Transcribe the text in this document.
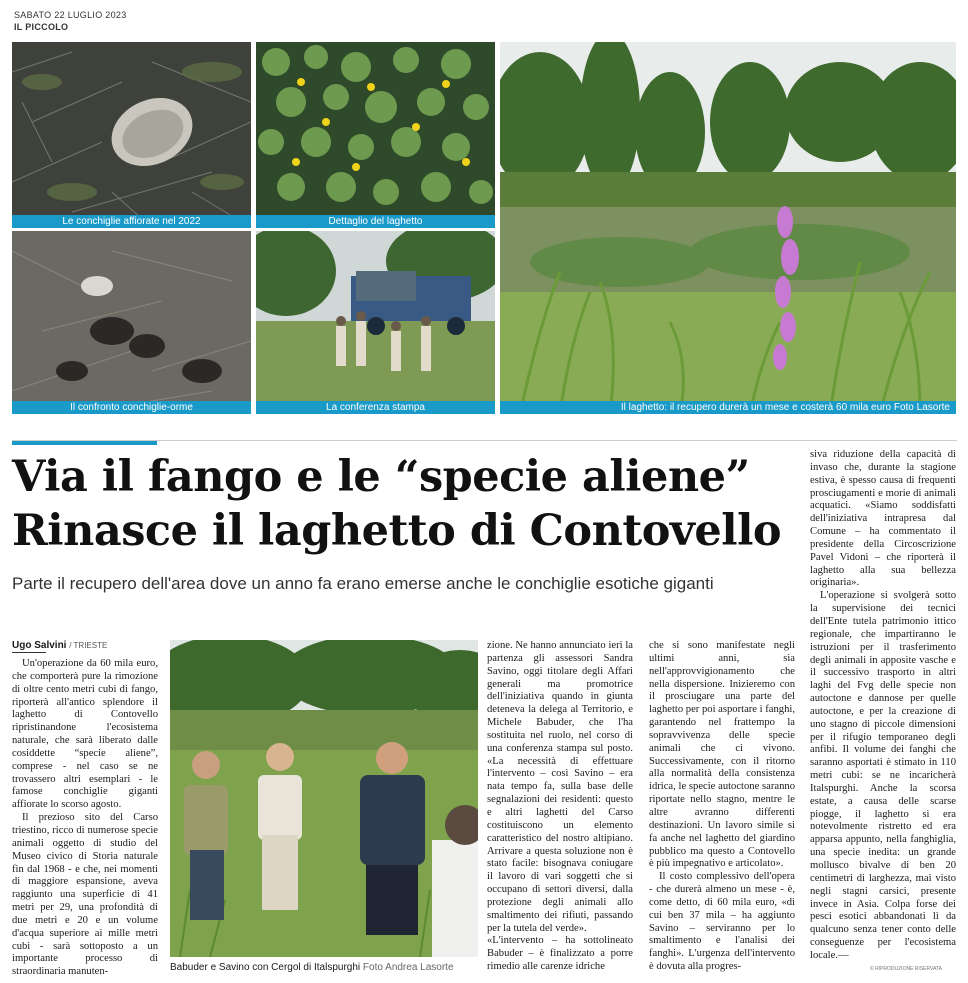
SABATO 22 LUGLIO 2023
IL PICCOLO
Le conchiglie affiorate nel 2022	Dettaglio del laghetto
Il laghetto: il recupero durerà un mese e costerà 60 mila euro Foto Lasorte
Il confronto conchiglie-orme	La conferenza stampa
Via il fango e le “specie aliene”
Rinasce il laghetto di Contovello
Parte il recupero dell'area dove un anno fa erano emerse anche le conchiglie esotiche giganti
Ugo Salvini / TRIESTE

Un'operazione da 60 mila euro, che comporterà pure la rimozione di oltre cento metri cubi di fango, riporterà all'antico splendore il laghetto di Contovello ripristinandone l'ecosistema naturale, che sarà liberato dalle cosiddette “specie aliene”, comprese - nel caso se ne trovassero altri esemplari - le famose conchiglie giganti affiorate lo scorso agosto.

Il prezioso sito del Carso triestino, ricco di numerose specie animali oggetto di studio del Museo civico di Storia naturale fin dal 1968 - e che, nei momenti di maggiore espansione, aveva raggiunto una superficie di 41 metri per 29, una profondità di due metri e 20 e un volume d'acqua superiore ai mille metri cubi - sarà sottoposto a un importante processo di straordinaria manuten-	Babuder e Savino con Cergol di Italspurghi Foto Andrea Lasorte

zione. Ne hanno annunciato ieri la partenza gli assessori Sandra Savino, oggi titolare degli Affari generali ma promotrice dell'iniziativa quando in giunta deteneva la delega al Territorio, e Michele Babuder, che l'ha sostituita nel ruolo, nel corso di una conferenza stampa sul posto. «La necessità di effettuare l'intervento – così Savino – era nata tempo fa, sulla base delle segnalazioni dei residenti: questo e altri laghetti del Carso costituiscono un elemento caratteristico del nostro altipiano. Arrivare a questa soluzione non è stato facile: bisognava coniugare il lavoro di vari soggetti che si occupano di settori diversi, dalla protezione degli animali allo smaltimento dei rifiuti, passando per la tutela del verde».

«L'intervento – ha sottolineato Babuder – è finalizzato a porre rimedio alle carenze idriche

che si sono manifestate negli ultimi anni, sia nell'approvvigionamento che nella dispersione. Inizieremo con il prosciugare una parte del laghetto per poi asportare i fanghi, garantendo nel frattempo la sopravvivenza delle specie animali che ci vivono. Successivamente, con il ritorno alla normalità della consistenza idrica, le specie autoctone saranno riportate nello stagno, mentre le altre avranno differenti destinazioni. Un lavoro simile si fa anche nel laghetto del giardino pubblico ma questo a Contovello è più impegnativo e articolato».

Il costo complessivo dell'opera - che durerà almeno un mese - è, come detto, di 60 mila euro, «di cui ben 37 mila – ha aggiunto Savino – serviranno per lo smaltimento e l'analisi dei fanghi». L'urgenza dell'intervento è dovuta alla progres-

siva riduzione della capacità di invaso che, durante la stagione estiva, è spesso causa di frequenti prosciugamenti e morie di animali acquatici. «Siamo soddisfatti dell'iniziativa intrapresa dal Comune – ha commentato il presidente della Circoscrizione Pavel Vidoni – che riporterà il laghetto alla sua bellezza originaria».

L'operazione si svolgerà sotto la supervisione dei tecnici dell'Ente tutela patrimonio ittico regionale, che impartiranno le istruzioni per il trasferimento degli animali in apposite vasche e il successivo trasporto in altri laghi del Fvg delle specie non autoctone e dannose per quelle autoctone, e per la creazione di uno stagno di piccole dimensioni per il rifugio temporaneo degli anfibi. Il volume dei fanghi che saranno asportati è stimato in 110 metri cubi: se ne incaricherà Italspurghi. Anche la scorsa estate, a causa delle scarse piogge, il laghetto si era notevolmente ristretto ed era apparsa appunto, nella fanghiglia, una specie inedita: un grande mollusco bivalve di ben 20 centimetri di larghezza, mai visto negli stagni carsici, presente invece in Asia. Colpa forse dei pesci esotici abbandonati lì da qualcuno senza tener conto delle conseguenze per l'ecosistema locale.—

© RIPRODUZIONE RISERVATA
